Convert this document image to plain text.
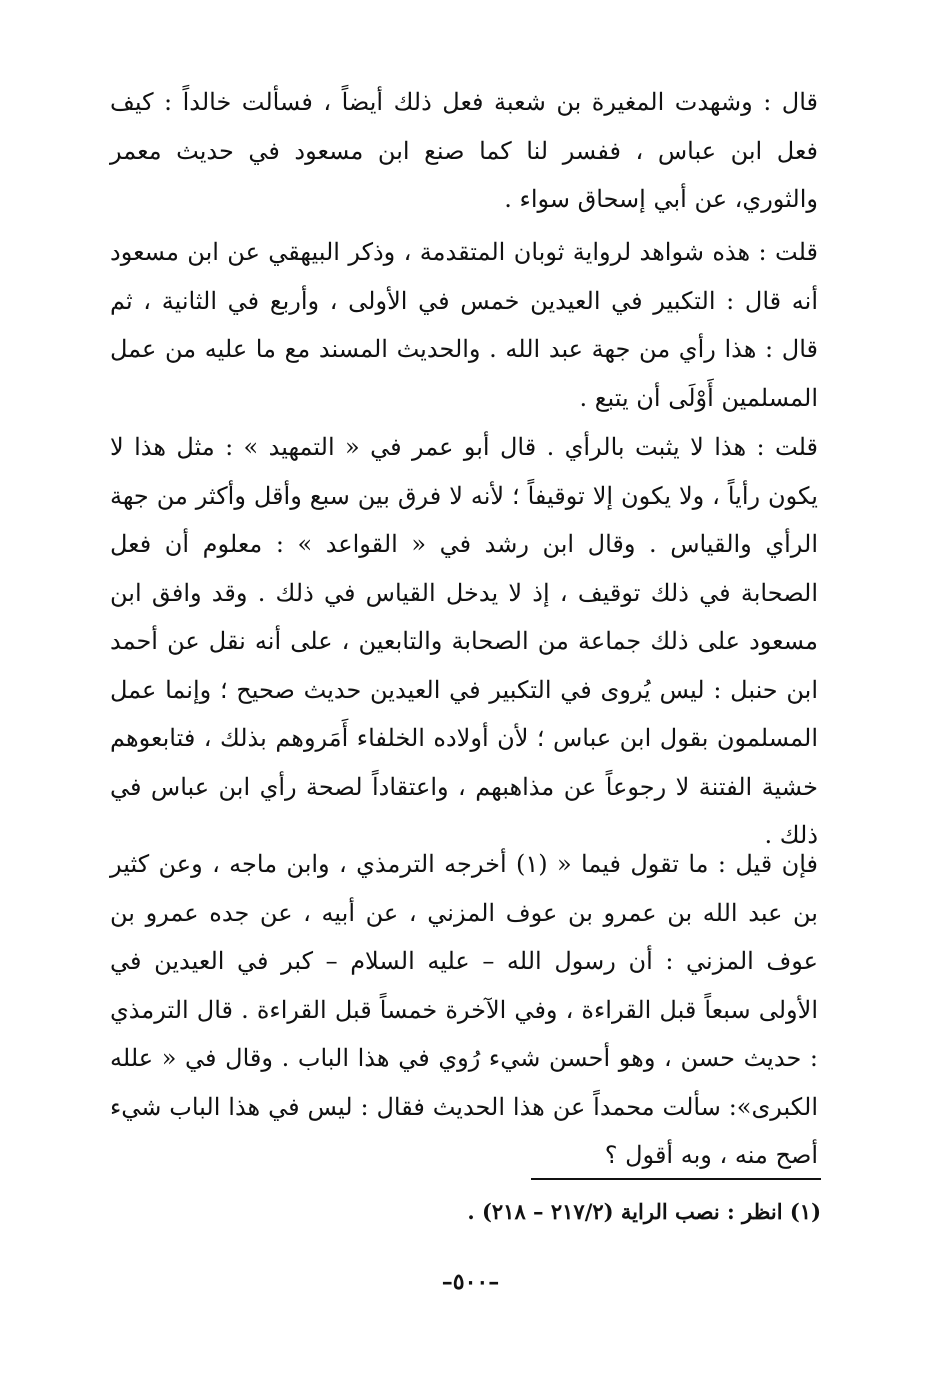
قال : وشهدت المغيرة بن شعبة فعل ذلك أيضاً ، فسألت خالداً : كيف فعل ابن عباس ، ففسر لنا كما صنع ابن مسعود في حديث معمر والثوري، عن أبي إسحاق سواء .

قلت : هذه شواهد لرواية ثوبان المتقدمة ، وذكر البيهقي عن ابن مسعود أنه قال : التكبير في العيدين خمس في الأولى ، وأربع في الثانية ، ثم قال : هذا رأي من جهة عبد الله . والحديث المسند مع ما عليه من عمل المسلمين أَوْلَى أن يتبع .

قلت : هذا لا يثبت بالرأي . قال أبو عمر في « التمهيد » : مثل هذا لا يكون رأياً ، ولا يكون إلا توقيفاً ؛ لأنه لا فرق بين سبع وأقل وأكثر من جهة الرأي والقياس . وقال ابن رشد في « القواعد » : معلوم أن فعل الصحابة في ذلك توقيف ، إذ لا يدخل القياس في ذلك . وقد وافق ابن مسعود على ذلك جماعة من الصحابة والتابعين ، على أنه نقل عن أحمد ابن حنبل : ليس يُروى في التكبير في العيدين حديث صحيح ؛ وإنما عمل المسلمون بقول ابن عباس ؛ لأن أولاده الخلفاء أَمَروهم بذلك ، فتابعوهم خشية الفتنة لا رجوعاً عن مذاهبهم ، واعتقاداً لصحة رأي ابن عباس في ذلك .

فإن قيل : ما تقول فيما « (١) أخرجه الترمذي ، وابن ماجه ، وعن كثير بن عبد الله بن عمرو بن عوف المزني ، عن أبيه ، عن جده عمرو بن عوف المزني : أن رسول الله – عليه السلام – كبر في العيدين في الأولى سبعاً قبل القراءة ، وفي الآخرة خمساً قبل القراءة . قال الترمذي : حديث حسن ، وهو أحسن شيء رُوي في هذا الباب . وقال في « علله الكبرى»: سألت محمداً عن هذا الحديث فقال : ليس في هذا الباب شيء أصح منه ، وبه أقول ؟

(١) انظر : نصب الراية (٢١٧/٢ – ٢١٨) .
–٥٠٠–
